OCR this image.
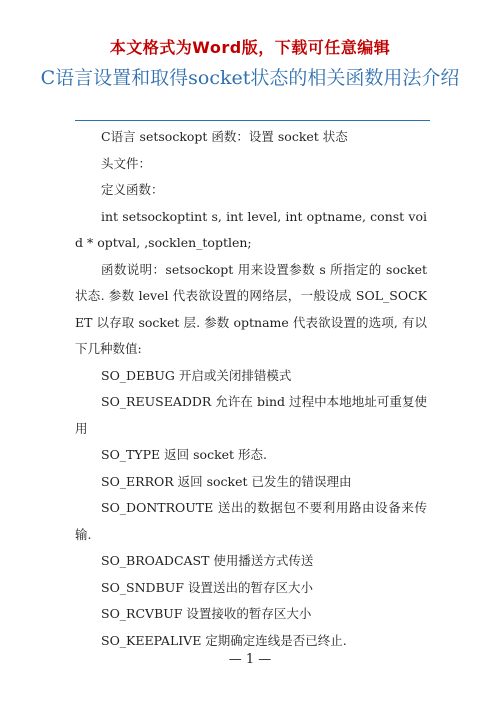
本文格式为Word版，下载可任意编辑
C语言设置和取得socket状态的相关函数用法介绍

C语言 setsockopt 函数：设置 socket 状态

头文件：

定义函数：

int setsockoptint s, int level, int optname, const void * optval, ,socklen_toptlen;

函数说明：setsockopt 用来设置参数 s 所指定的 socket 状态. 参数 level 代表欲设置的网络层，一般设成 SOL_SOCKET 以存取 socket 层. 参数 optname 代表欲设置的选项, 有以下几种数值:

SO_DEBUG 开启或关闭排错模式

SO_REUSEADDR 允许在 bind 过程中本地地址可重复使用

SO_TYPE 返回 socket 形态.

SO_ERROR 返回 socket 已发生的错误理由

SO_DONTROUTE 送出的数据包不要利用路由设备来传输.

SO_BROADCAST 使用播送方式传送

SO_SNDBUF 设置送出的暂存区大小

SO_RCVBUF 设置接收的暂存区大小

SO_KEEPALIVE 定期确定连线是否已终止.

— 1 —
